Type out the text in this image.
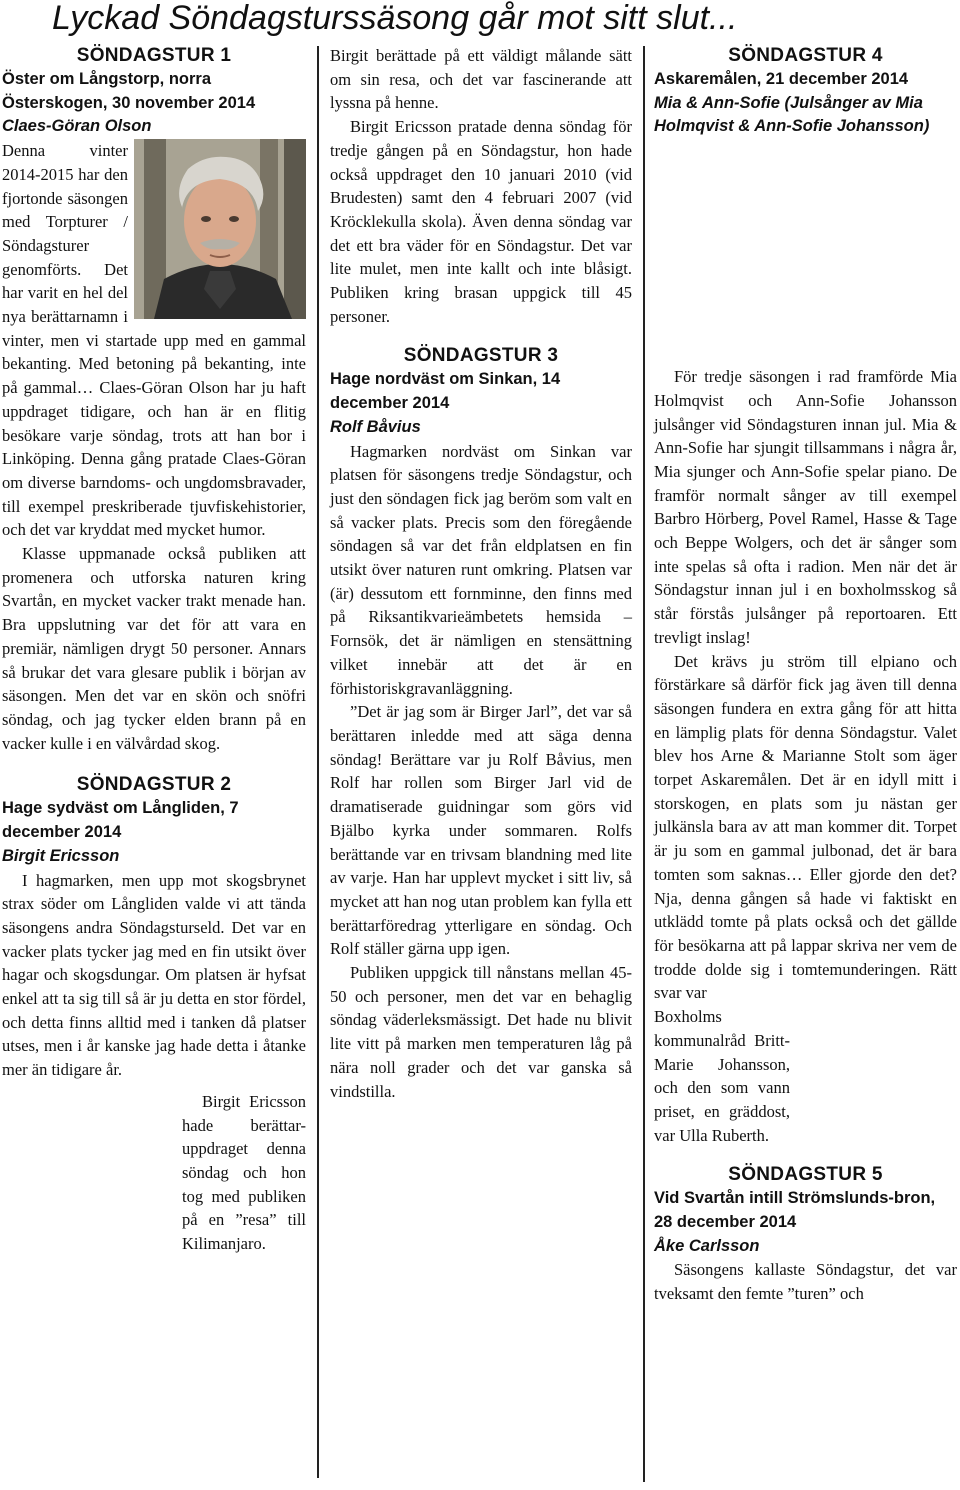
Lyckad Söndagsturssäsong går mot sitt slut...
SÖNDAGSTUR 1
Öster om Långstorp, norra Österskogen, 30 november 2014
Claes-Göran Olson

Denna vinter 2014-2015 har den fjortonde säsongen med Torpturer / Söndagsturer genomförts. Det har varit en hel del nya berättarnamn i vinter, men vi startade upp med en gammal bekanting. Med betoning på bekanting, inte på gammal… Claes-Göran Olson har ju haft uppdraget tidigare, och han är en flitig besökare varje söndag, trots att han bor i Linköping. Denna gång pratade Claes-Göran om diverse barndoms- och ungdomsbravader, till exempel preskriberade tjuvfiskehistorier, och det var kryddat med mycket humor.

Klasse uppmanade också publiken att promenera och utforska naturen kring Svartån, en mycket vacker trakt menade han. Bra uppslutning var det för att vara en premiär, nämligen drygt 50 personer. Annars så brukar det vara glesare publik i början av säsongen. Men det var en skön och snöfri söndag, och jag tycker elden brann på en vacker kulle i en välvårdad skog.

SÖNDAGSTUR 2
Hage sydväst om Långliden, 7 december 2014
Birgit Ericsson

I hagmarken, men upp mot skogsbrynet strax söder om Långliden valde vi att tända säsongens andra Söndagsturseld. Det var en vacker plats tycker jag med en fin utsikt över hagar och skogsdungar. Om platsen är hyfsat enkel att ta sig till så är ju detta en stor fördel, och detta finns alltid med i tanken då platser utses, men i år kanske jag hade detta i åtanke mer än tidigare år.

Birgit Ericsson hade berättar-uppdraget denna söndag och hon tog med publiken på en ”resa” till Kilimanjaro.

Birgit berättade på ett väldigt målande sätt om sin resa, och det var fascinerande att lyssna på henne.

Birgit Ericsson pratade denna söndag för tredje gången på en Söndagstur, hon hade också uppdraget den 10 januari 2010 (vid Brudesten) samt den 4 februari 2007 (vid Kröcklekulla skola). Även denna söndag var det ett bra väder för en Söndagstur. Det var lite mulet, men inte kallt och inte blåsigt. Publiken kring brasan uppgick till 45 personer.

SÖNDAGSTUR 3
Hage nordväst om Sinkan, 14 december 2014
Rolf Båvius

Hagmarken nordväst om Sinkan var platsen för säsongens tredje Söndagstur, och just den söndagen fick jag beröm som valt en så vacker plats. Precis som den föregående söndagen så var det från eldplatsen en fin utsikt över naturen runt omkring. Platsen var (är) dessutom ett fornminne, den finns med på Riksantikvarieämbetets hemsida – Fornsök, det är nämligen en stensättning vilket innebär att det är en förhistoriskgravanläggning.

”Det är jag som är Birger Jarl”, det var så berättaren inledde med att säga denna söndag! Berättare var ju Rolf Båvius, men Rolf har rollen som Birger Jarl vid de dramatiserade guidningar som görs vid Bjälbo kyrka under sommaren. Rolfs berättande var en trivsam blandning med lite av varje. Han har upplevt mycket i sitt liv, så mycket att han nog utan problem kan fylla ett berättarföredrag ytterligare en söndag. Och Rolf ställer gärna upp igen.

Publiken uppgick till nånstans mellan 45-50 och personer, men det var en behaglig söndag väderleksmässigt. Det hade nu blivit lite vitt på marken men temperaturen låg på nära noll grader och det var ganska så vindstilla.

SÖNDAGSTUR 4
Askaremålen, 21 december 2014
Mia & Ann-Sofie (Julsånger av Mia Holmqvist & Ann-Sofie Johansson)

För tredje säsongen i rad framförde Mia Holmqvist och Ann-Sofie Johansson julsånger vid Söndagsturen innan jul. Mia & Ann-Sofie har sjungit tillsammans i några år, Mia sjunger och Ann-Sofie spelar piano. De framför normalt sånger av till exempel Barbro Hörberg, Povel Ramel, Hasse & Tage och Beppe Wolgers, och det är sånger som inte spelas så ofta i radion. Men när det är Söndagstur innan jul i en boxholmsskog så står förstås julsånger på reportoaren. Ett trevligt inslag!

Det krävs ju ström till elpiano och förstärkare så därför fick jag även till denna säsongen fundera en extra gång för att hitta en lämplig plats för denna Söndagstur. Valet blev hos Arne & Marianne Stolt som äger torpet Askaremålen. Det är en idyll mitt i storskogen, en plats som ju nästan ger julkänsla bara av att man kommer dit. Torpet är ju som en gammal julbonad, det är bara tomten som saknas… Eller gjorde den det? Nja, denna gången så hade vi faktiskt en utklädd tomte på plats också och det gällde för besökarna att på lappar skriva ner vem de trodde dolde sig i tomtemunderingen. Rätt svar var

Boxholms kommunalråd Britt-Marie Johansson, och den som vann priset, en gräddost, var Ulla Ruberth.

SÖNDAGSTUR 5
Vid Svartån intill Strömslunds-bron, 28 december 2014
Åke Carlsson

Säsongens kallaste Söndagstur, det var tveksamt den femte ”turen” och
